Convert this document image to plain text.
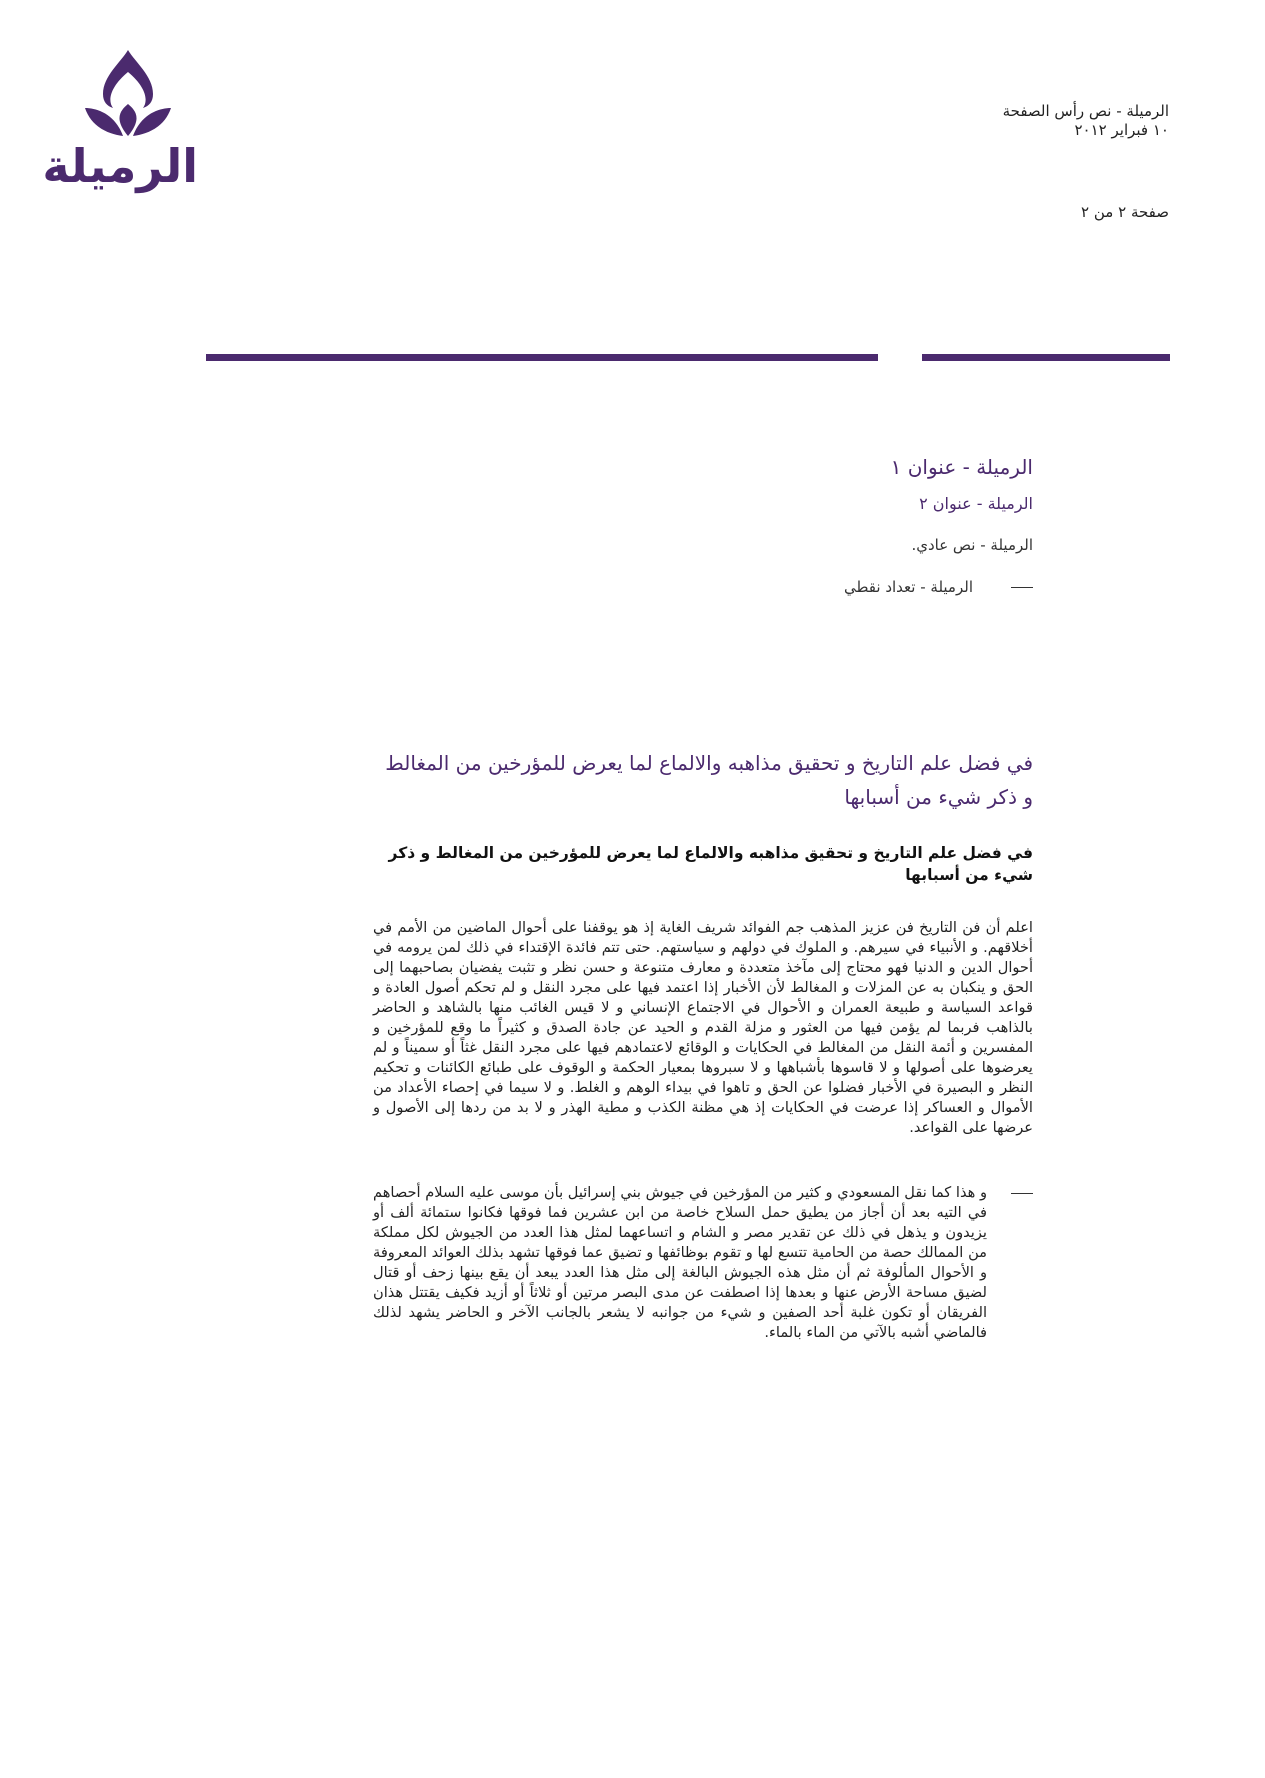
الرميلة
الرميلة - نص رأس الصفحة
١٠ فبراير ٢٠١٢
صفحة ٢ من ٢
الرميلة - عنوان ١
الرميلة - عنوان ٢
الرميلة - نص عادي.
الرميلة - تعداد نقطي
في فضل علم التاريخ و تحقيق مذاهبه والالماع لما يعرض للمؤرخين من المغالط و ذكر شيء من أسبابها
في فضل علم التاريخ و تحقيق مذاهبه والالماع لما يعرض للمؤرخين من المغالط و ذكر شيء من أسبابها
اعلم أن فن التاريخ فن عزيز المذهب جم الفوائد شريف الغاية إذ هو يوقفنا على أحوال الماضين من الأمم في أخلاقهم. و الأنبياء في سيرهم. و الملوك في دولهم و سياستهم. حتى تتم فائدة الإقتداء في ذلك لمن يرومه في أحوال الدين و الدنيا فهو محتاج إلى مآخذ متعددة و معارف متنوعة و حسن نظر و تثبت يفضيان بصاحبهما إلى الحق و ينكبان به عن المزلات و المغالط لأن الأخبار إذا اعتمد فيها على مجرد النقل و لم تحكم أصول العادة و قواعد السياسة و طبيعة العمران و الأحوال في الاجتماع الإنساني و لا قيس الغائب منها بالشاهد و الحاضر بالذاهب فربما لم يؤمن فيها من العثور و مزلة القدم و الحيد عن جادة الصدق و كثيراً ما وقع للمؤرخين و المفسرين و أئمة النقل من المغالط في الحكايات و الوقائع لاعتمادهم فيها على مجرد النقل غثاً أو سميناً و لم يعرضوها على أصولها و لا قاسوها بأشباهها و لا سبروها بمعيار الحكمة و الوقوف على طبائع الكائنات و تحكيم النظر و البصيرة في الأخبار فضلوا عن الحق و تاهوا في بيداء الوهم و الغلط. و لا سيما في إحصاء الأعداد من الأموال و العساكر إذا عرضت في الحكايات إذ هي مظنة الكذب و مطية الهذر و لا بد من ردها إلى الأصول و عرضها على القواعد.
و هذا كما نقل المسعودي و كثير من المؤرخين في جيوش بني إسرائيل بأن موسى عليه السلام أحصاهم في التيه بعد أن أجاز من يطيق حمل السلاح خاصة من ابن عشرين فما فوقها فكانوا ستمائة ألف أو يزيدون و يذهل في ذلك عن تقدير مصر و الشام و اتساعهما لمثل هذا العدد من الجيوش لكل مملكة من الممالك حصة من الحامية تتسع لها و تقوم بوظائفها و تضيق عما فوقها تشهد بذلك العوائد المعروفة و الأحوال المألوفة ثم أن مثل هذه الجيوش البالغة إلى مثل هذا العدد يبعد أن يقع بينها زحف أو قتال لضيق مساحة الأرض عنها و بعدها إذا اصطفت عن مدى البصر مرتين أو ثلاثاً أو أزيد فكيف يقتتل هذان الفريقان أو تكون غلبة أحد الصفين و شيء من جوانبه لا يشعر بالجانب الآخر و الحاضر يشهد لذلك فالماضي أشبه بالآتي من الماء بالماء.
